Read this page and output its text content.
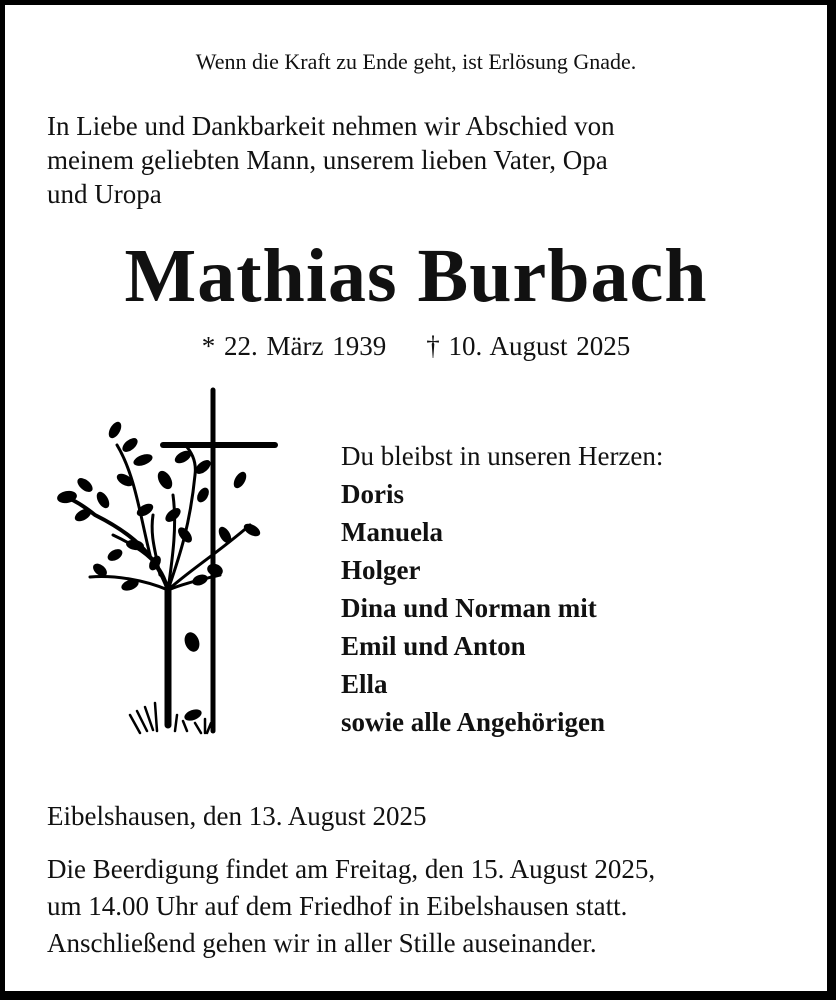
Wenn die Kraft zu Ende geht, ist Erlösung Gnade.
In Liebe und Dankbarkeit nehmen wir Abschied von
meinem geliebten Mann, unserem lieben Vater, Opa
und Uropa
Mathias Burbach
* 22. März 1939 † 10. August 2025
Du bleibst in unseren Herzen:
Doris
Manuela
Holger
Dina und Norman mit
Emil und Anton
Ella
sowie alle Angehörigen
Eibelshausen, den 13. August 2025
Die Beerdigung findet am Freitag, den 15. August 2025,
um 14.00 Uhr auf dem Friedhof in Eibelshausen statt.
Anschließend gehen wir in aller Stille auseinander.
